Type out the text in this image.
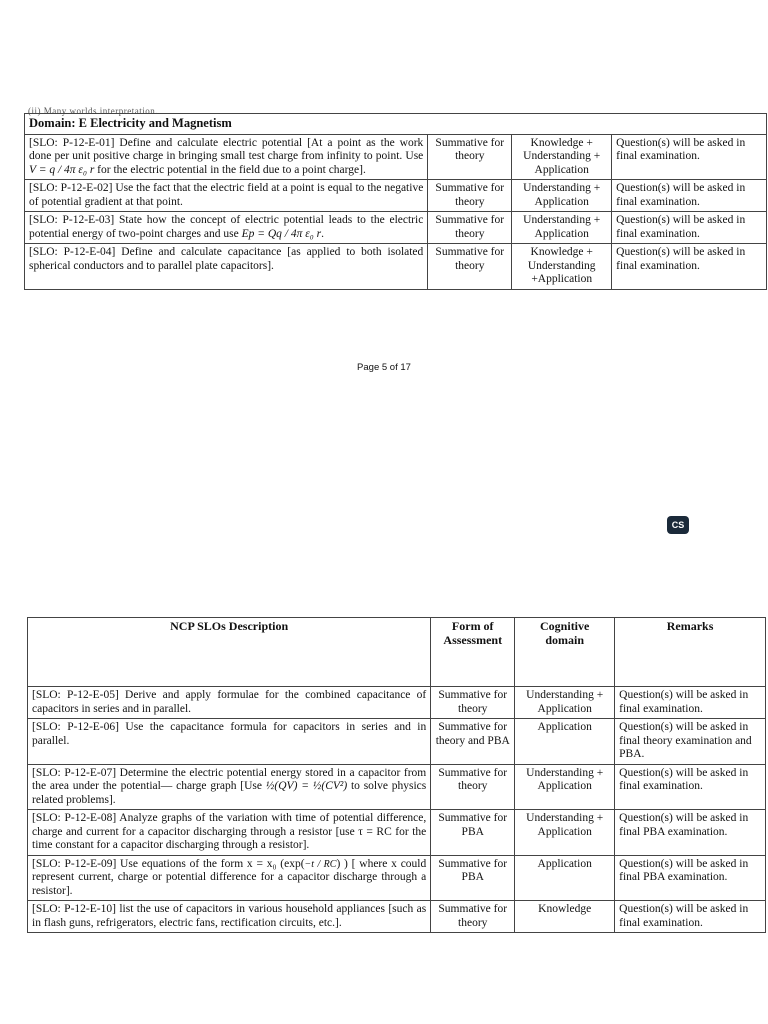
(ii) Many worlds interpretation.
Domain: E Electricity and Magnetism			
[SLO: P-12-E-01] Define and calculate electric potential [At a point as the work done per unit positive charge in bringing small test charge from infinity to point. Use V = q / 4π ε₀ r for the electric potential in the field due to a point charge].	Summative for theory	Knowledge + Understanding + Application	Question(s) will be asked in final examination.
[SLO: P-12-E-02] Use the fact that the electric field at a point is equal to the negative of potential gradient at that point.	Summative for theory	Understanding + Application	Question(s) will be asked in final examination.
[SLO: P-12-E-03] State how the concept of electric potential leads to the electric potential energy of two-point charges and use Ep = Qq / 4π ε₀ r.	Summative for theory	Understanding + Application	Question(s) will be asked in final examination.
[SLO: P-12-E-04] Define and calculate capacitance [as applied to both isolated spherical conductors and to parallel plate capacitors].	Summative for theory	Knowledge + Understanding +Application	Question(s) will be asked in final examination.
Page 5 of 17
CS
NCP SLOs Description	Form of Assessment	Cognitive domain	Remarks
[SLO: P-12-E-05] Derive and apply formulae for the combined capacitance of capacitors in series and in parallel.	Summative for theory	Understanding + Application	Question(s) will be asked in final examination.
[SLO: P-12-E-06] Use the capacitance formula for capacitors in series and in parallel.	Summative for theory and PBA	Application	Question(s) will be asked in final theory examination and PBA.
[SLO: P-12-E-07] Determine the electric potential energy stored in a capacitor from the area under the potential— charge graph [Use ½(QV) = ½(CV²) to solve physics related problems].	Summative for theory	Understanding + Application	Question(s) will be asked in final examination.
[SLO: P-12-E-08] Analyze graphs of the variation with time of potential difference, charge and current for a capacitor discharging through a resistor [use τ = RC for the time constant for a capacitor discharging through a resistor].	Summative for PBA	Understanding + Application	Question(s) will be asked in final PBA examination.
[SLO: P-12-E-09] Use equations of the form x = x₀ (exp(−t / RC) ) [ where x could represent current, charge or potential difference for a capacitor discharge through a resistor].	Summative for PBA	Application	Question(s) will be asked in final PBA examination.
[SLO: P-12-E-10] list the use of capacitors in various household appliances [such as in flash guns, refrigerators, electric fans, rectification circuits, etc.].	Summative for theory	Knowledge	Question(s) will be asked in final examination.
